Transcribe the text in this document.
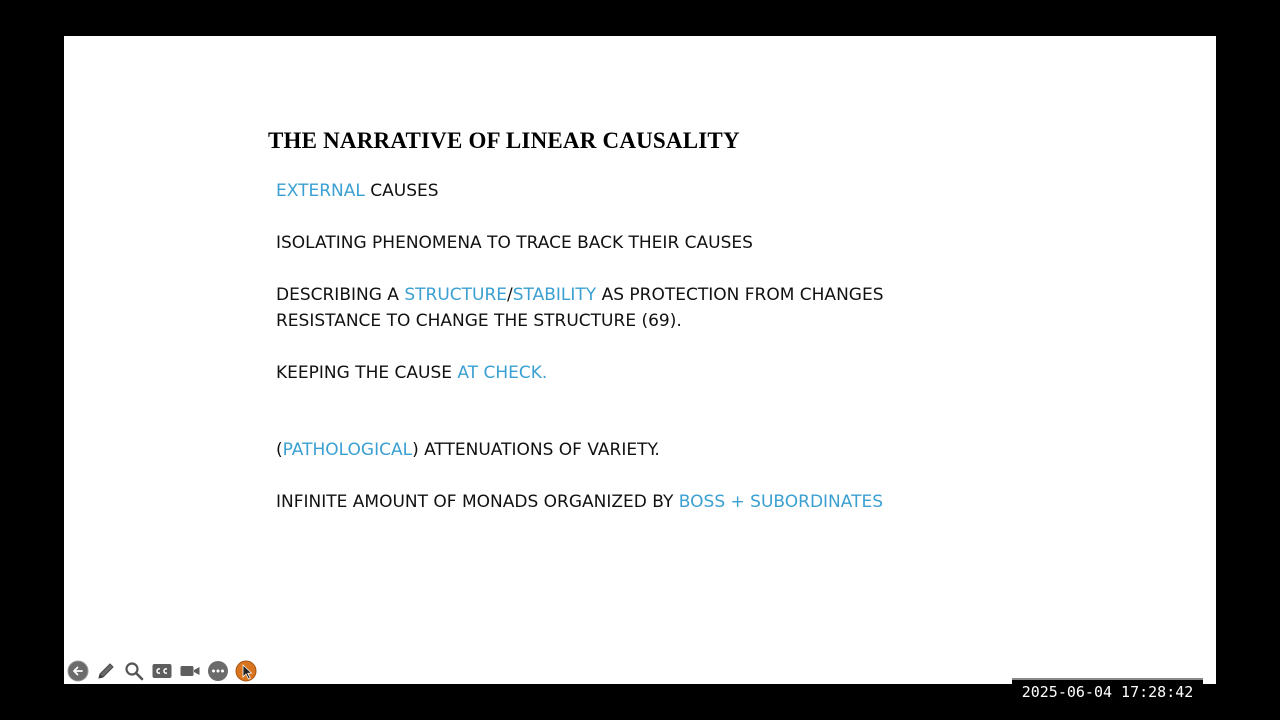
THE NARRATIVE OF LINEAR CAUSALITY
EXTERNAL CAUSES
ISOLATING PHENOMENA TO TRACE BACK THEIR CAUSES
DESCRIBING A STRUCTURE/STABILITY AS PROTECTION FROM CHANGES
RESISTANCE TO CHANGE THE STRUCTURE (69).
KEEPING THE CAUSE AT CHECK.
(PATHOLOGICAL) ATTENUATIONS OF VARIETY.
INFINITE AMOUNT OF MONADS ORGANIZED BY BOSS + SUBORDINATES
2025-06-04 17:28:42
